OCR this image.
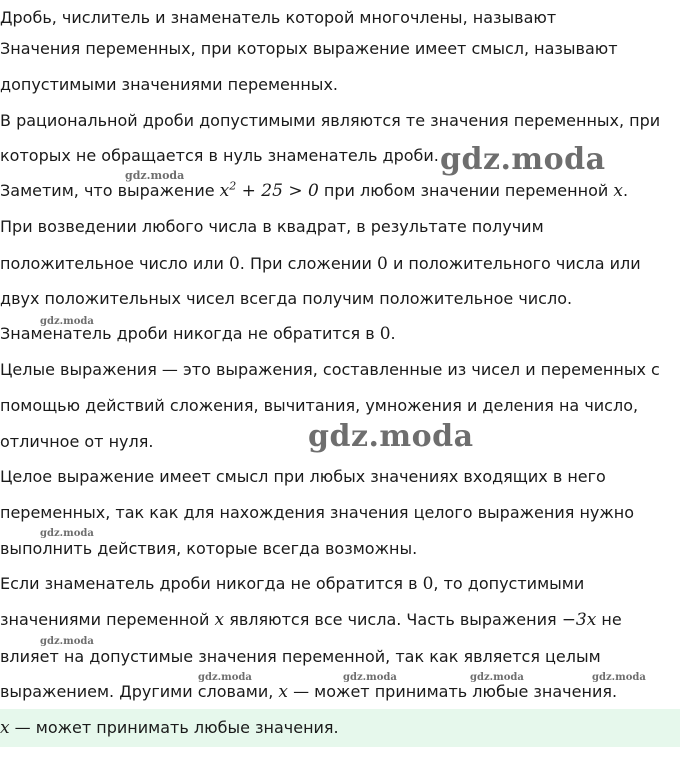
Дробь, числитель и знаменатель которой многочлены, называют
Значения переменных, при которых выражение имеет смысл, называют
допустимыми значениями переменных.
В рациональной дроби допустимыми являются те значения переменных, при
которых не обращается в нуль знаменатель дроби.
Заметим, что выражение $x^2 + 25 > 0$ при любом значении переменной x.
При возведении любого числа в квадрат, в результате получим
положительное число или 0. При сложении 0 и положительного числа или
двух положительных чисел всегда получим положительное число.
Знаменатель дроби никогда не обратится в 0.
Целые выражения — это выражения, составленные из чисел и переменных с
помощью действий сложения, вычитания, умножения и деления на число,
отличное от нуля.
Целое выражение имеет смысл при любых значениях входящих в него
переменных, так как для нахождения значения целого выражения нужно
выполнить действия, которые всегда возможны.
Если знаменатель дроби никогда не обратится в 0, то допустимыми
значениями переменной x являются все числа. Часть выражения −3x не
влияет на допустимые значения переменной, так как является целым
выражением. Другими словами, x — может принимать любые значения.
x — может принимать любые значения.
gdz.moda
gdz.moda
gdz.moda
gdz.moda
gdz.moda
gdz.moda
gdz.moda	gdz.moda	gdz.moda	gdz.moda
